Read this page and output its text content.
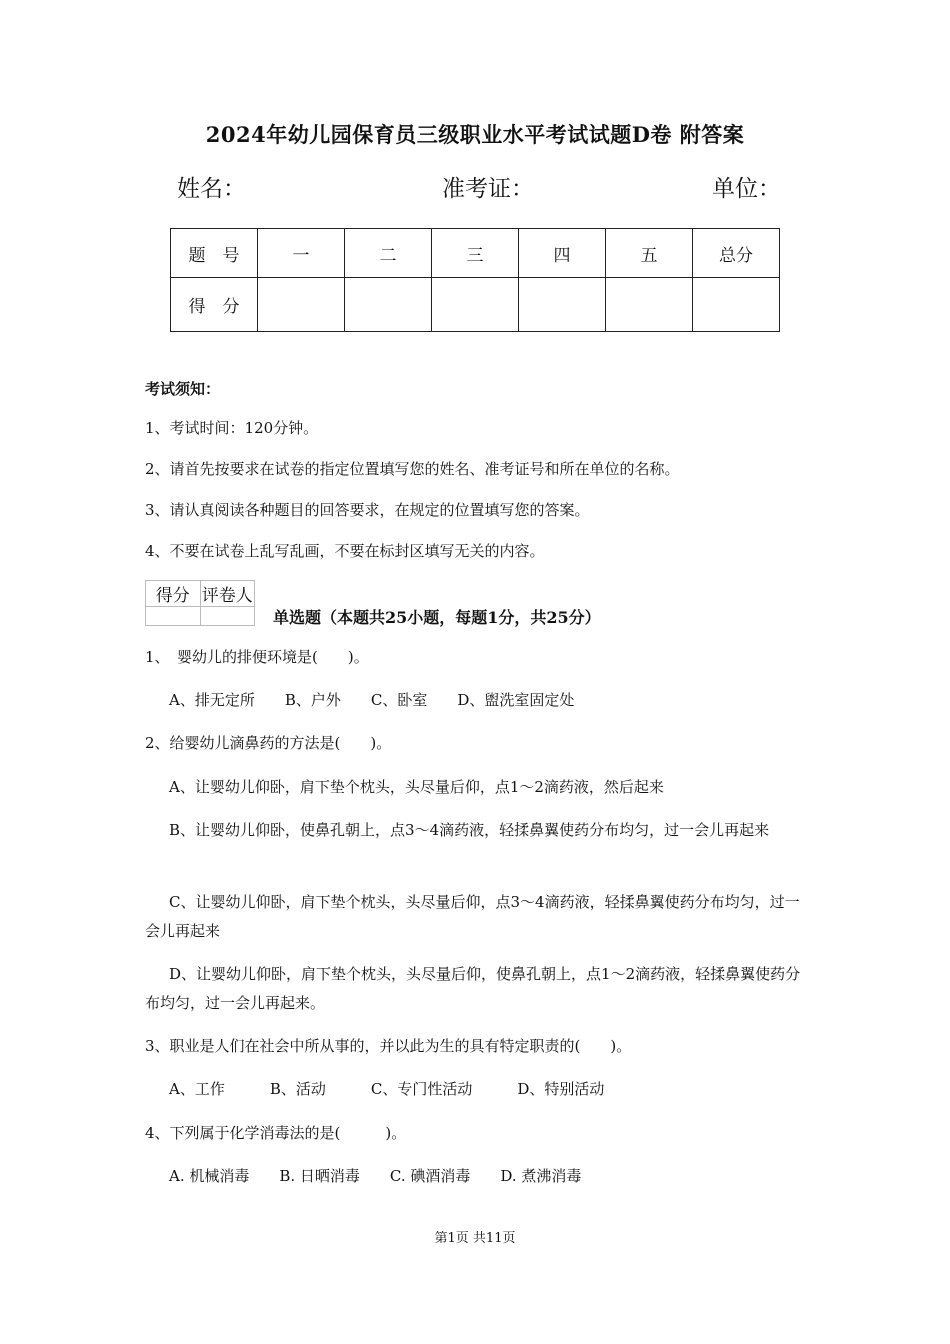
2024年幼儿园保育员三级职业水平考试试题D卷 附答案
姓名：	准考证：	单位：
题　号	一	二	三	四	五	总分
得　分						
考试须知：
1、考试时间：120分钟。
2、请首先按要求在试卷的指定位置填写您的姓名、准考证号和所在单位的名称。
3、请认真阅读各种题目的回答要求，在规定的位置填写您的答案。
4、不要在试卷上乱写乱画，不要在标封区填写无关的内容。
得分	评卷人

单选题（本题共25小题，每题1分，共25分）
1、　婴幼儿的排便环境是(　　)。
A、排无定所　　B、户外　　C、卧室　　D、盥洗室固定处
2、给婴幼儿滴鼻药的方法是(　　)。
A、让婴幼儿仰卧，肩下垫个枕头，头尽量后仰，点1～2滴药液，然后起来
B、让婴幼儿仰卧，使鼻孔朝上，点3～4滴药液，轻揉鼻翼使药分布均匀，过一会儿再起来
C、让婴幼儿仰卧，肩下垫个枕头，头尽量后仰，点3～4滴药液，轻揉鼻翼使药分布均匀，过一会儿再起来
D、让婴幼儿仰卧，肩下垫个枕头，头尽量后仰，使鼻孔朝上，点1～2滴药液，轻揉鼻翼使药分布均匀，过一会儿再起来。
3、职业是人们在社会中所从事的，并以此为生的具有特定职责的(　　)。
A、工作　　　B、活动　　　C、专门性活动　　　D、特别活动
4、下列属于化学消毒法的是(　　　)。
A. 机械消毒　　B. 日晒消毒　　C. 碘酒消毒　　D. 煮沸消毒
第1页 共11页
